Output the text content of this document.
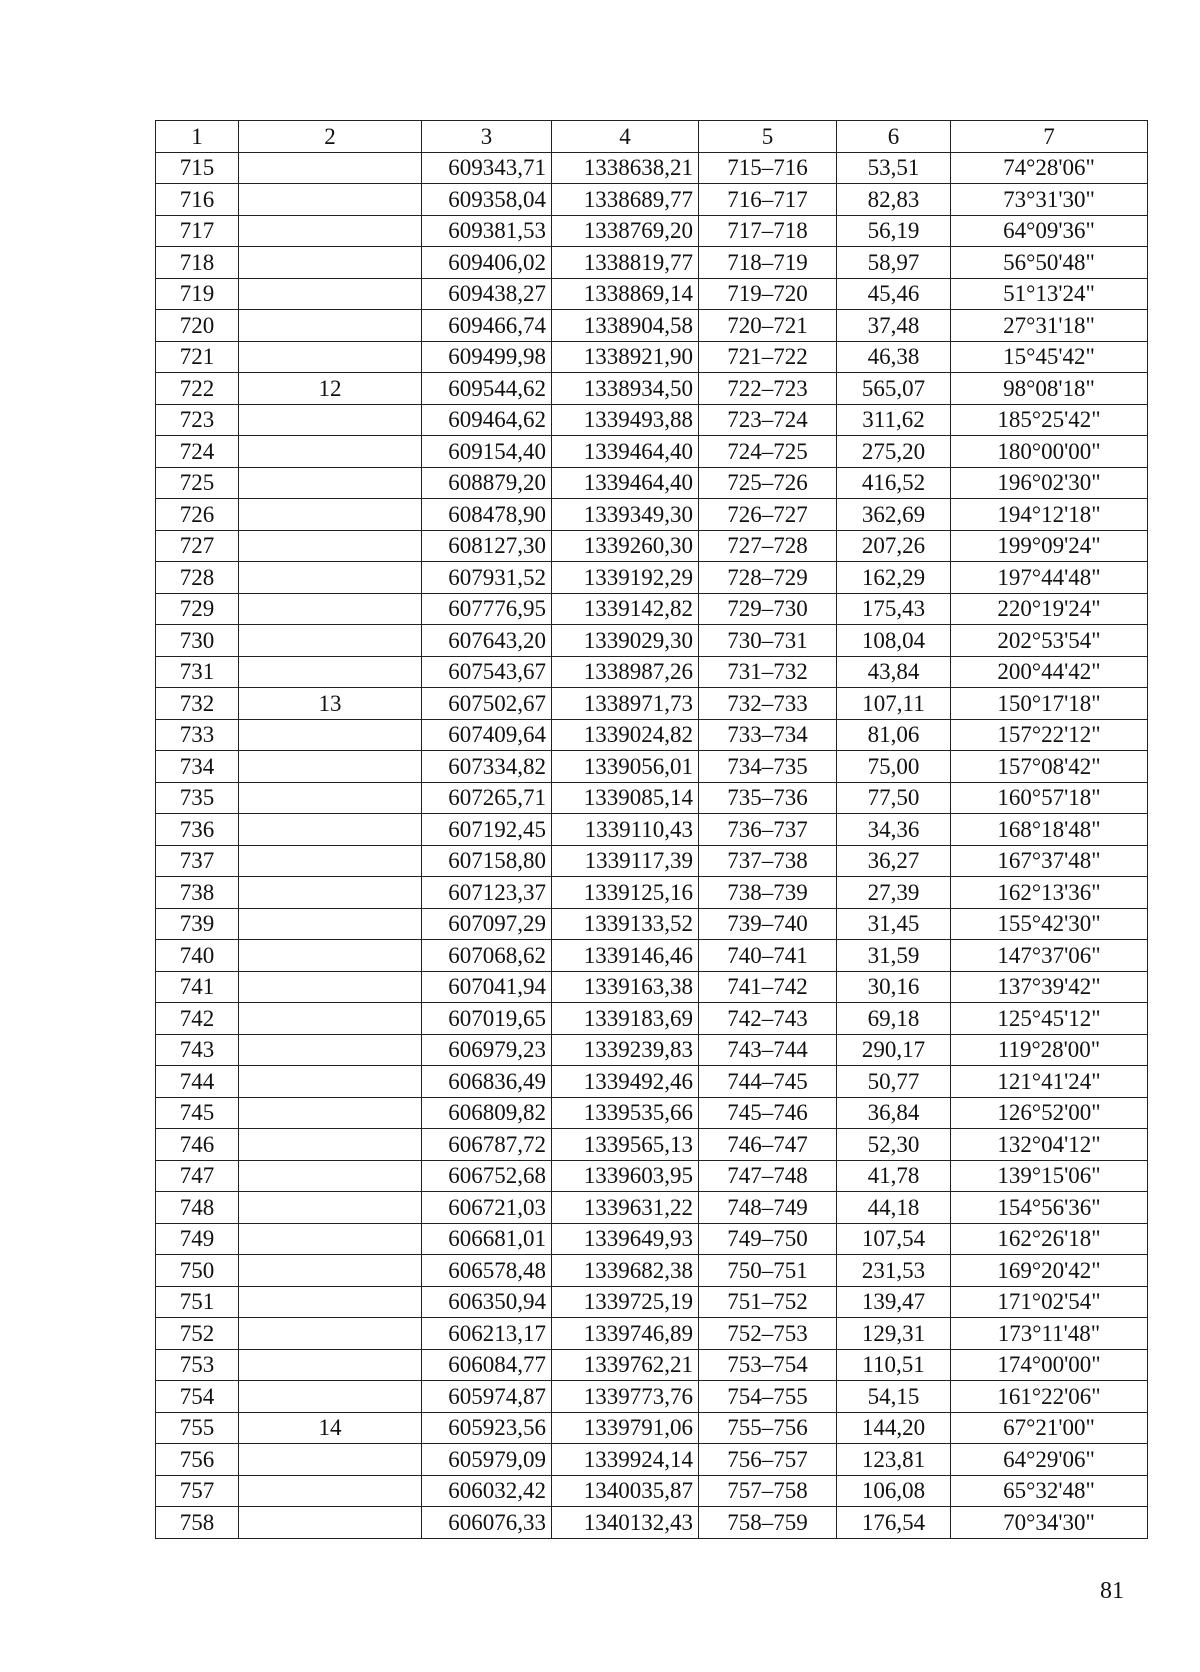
1	2	3	4	5	6	7
715		609343,71	1338638,21	715–716	53,51	74°28'06"
716		609358,04	1338689,77	716–717	82,83	73°31'30"
717		609381,53	1338769,20	717–718	56,19	64°09'36"
718		609406,02	1338819,77	718–719	58,97	56°50'48"
719		609438,27	1338869,14	719–720	45,46	51°13'24"
720		609466,74	1338904,58	720–721	37,48	27°31'18"
721		609499,98	1338921,90	721–722	46,38	15°45'42"
722	12	609544,62	1338934,50	722–723	565,07	98°08'18"
723		609464,62	1339493,88	723–724	311,62	185°25'42"
724		609154,40	1339464,40	724–725	275,20	180°00'00"
725		608879,20	1339464,40	725–726	416,52	196°02'30"
726		608478,90	1339349,30	726–727	362,69	194°12'18"
727		608127,30	1339260,30	727–728	207,26	199°09'24"
728		607931,52	1339192,29	728–729	162,29	197°44'48"
729		607776,95	1339142,82	729–730	175,43	220°19'24"
730		607643,20	1339029,30	730–731	108,04	202°53'54"
731		607543,67	1338987,26	731–732	43,84	200°44'42"
732	13	607502,67	1338971,73	732–733	107,11	150°17'18"
733		607409,64	1339024,82	733–734	81,06	157°22'12"
734		607334,82	1339056,01	734–735	75,00	157°08'42"
735		607265,71	1339085,14	735–736	77,50	160°57'18"
736		607192,45	1339110,43	736–737	34,36	168°18'48"
737		607158,80	1339117,39	737–738	36,27	167°37'48"
738		607123,37	1339125,16	738–739	27,39	162°13'36"
739		607097,29	1339133,52	739–740	31,45	155°42'30"
740		607068,62	1339146,46	740–741	31,59	147°37'06"
741		607041,94	1339163,38	741–742	30,16	137°39'42"
742		607019,65	1339183,69	742–743	69,18	125°45'12"
743		606979,23	1339239,83	743–744	290,17	119°28'00"
744		606836,49	1339492,46	744–745	50,77	121°41'24"
745		606809,82	1339535,66	745–746	36,84	126°52'00"
746		606787,72	1339565,13	746–747	52,30	132°04'12"
747		606752,68	1339603,95	747–748	41,78	139°15'06"
748		606721,03	1339631,22	748–749	44,18	154°56'36"
749		606681,01	1339649,93	749–750	107,54	162°26'18"
750		606578,48	1339682,38	750–751	231,53	169°20'42"
751		606350,94	1339725,19	751–752	139,47	171°02'54"
752		606213,17	1339746,89	752–753	129,31	173°11'48"
753		606084,77	1339762,21	753–754	110,51	174°00'00"
754		605974,87	1339773,76	754–755	54,15	161°22'06"
755	14	605923,56	1339791,06	755–756	144,20	67°21'00"
756		605979,09	1339924,14	756–757	123,81	64°29'06"
757		606032,42	1340035,87	757–758	106,08	65°32'48"
758		606076,33	1340132,43	758–759	176,54	70°34'30"
81
